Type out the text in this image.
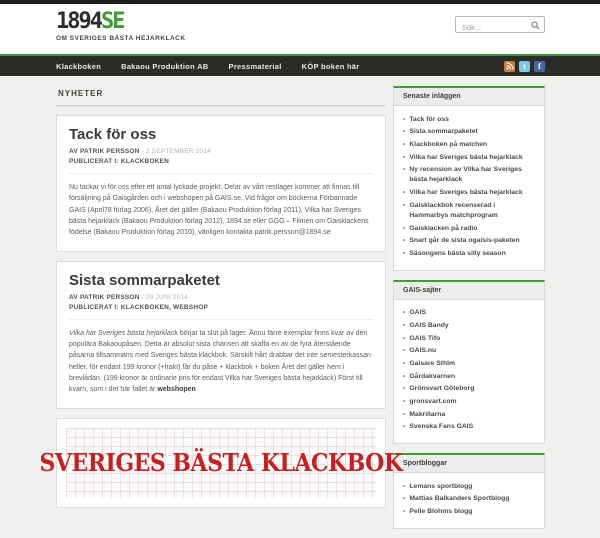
1894SE
OM SVERIGES BÄSTA HEJARKLACK
Sök...
Klackboken	Bakaou Produktion AB	Pressmaterial	KÖP boken här	t	f
NYHETER
Tack för oss
AV PATRIK PERSSON - 3 SEPTEMBER 2014
PUBLICERAT I: KLACKBOKEN
Nu tackar vi för oss efter ett antal lyckade projekt. Delar av vårt restlager kommer att finnas till försäljning på Gaisgården och i webshopen på GAIS.se. Vid frågor om böckerna Förbannade GAIS (April78 förlag 2006), Året det gäller (Bakaou Produktion förlag 2011), Vilka har Sveriges bästa hejarklack (Bakaou Produktion förlag 2012), 1894.se eller GGG – Filmen om Gaisklackens födelse (Bakaou Produktion förlag 2010), vänligen kontakta patrik.persson@1894.se
Sista sommarpaketet
AV PATRIK PERSSON - 29 JUNI 2014
PUBLICERAT I: KLACKBOKEN, WEBSHOP
Vilka har Sveriges bästa hejarklack börjar ta slut på lager. Ännu färre exemplar finns kvar av den populära Bakaoupåsen. Detta är absolut sista chansen att skaffa en av de fyra återstående påsarna tillsammans med Sveriges bästa klackbok. Särskilt hårt drabbar det inte semesterkassan heller, för endast 199 kronor (+frakt) får du påse + klackbok + boken Året det gäller hem i brevlådan. (199 kronor är ordinarie pris för endast Vilka har Sveriges bästa hejarklack) Först till kvarn, som i det här fallet är webshopen
SVERIGES BÄSTA KLACKBOK
Senaste inläggen
• Tack för oss
• Sista sommarpaketet
• Klackboken på matchen
• Vilka har Sveriges bästa hejarklack
• Ny recension av Vilka har Sveriges bästa hejarklack
• Vilka har Sveriges bästa hejarklack
• Gaisklackbok recenserad i Hammarbys matchprogram
• Gaisklacken på radio
• Snart går de sista ogaisis-paketen
• Säsongens bästa silly season
GAIS-sajter
• GAIS
• GAIS Bandy
• GAIS Tifo
• GAIS.nu
• Gaisare Sthlm
• Gårdakvarnen
• Grönsvart Göteborg
• gronsvart.com
• Makrillarna
• Svenska Fans GAIS
Sportbloggar
• Lemans sportblogg
• Mattias Balkanders Sportblogg
• Pelle Blohms blogg
